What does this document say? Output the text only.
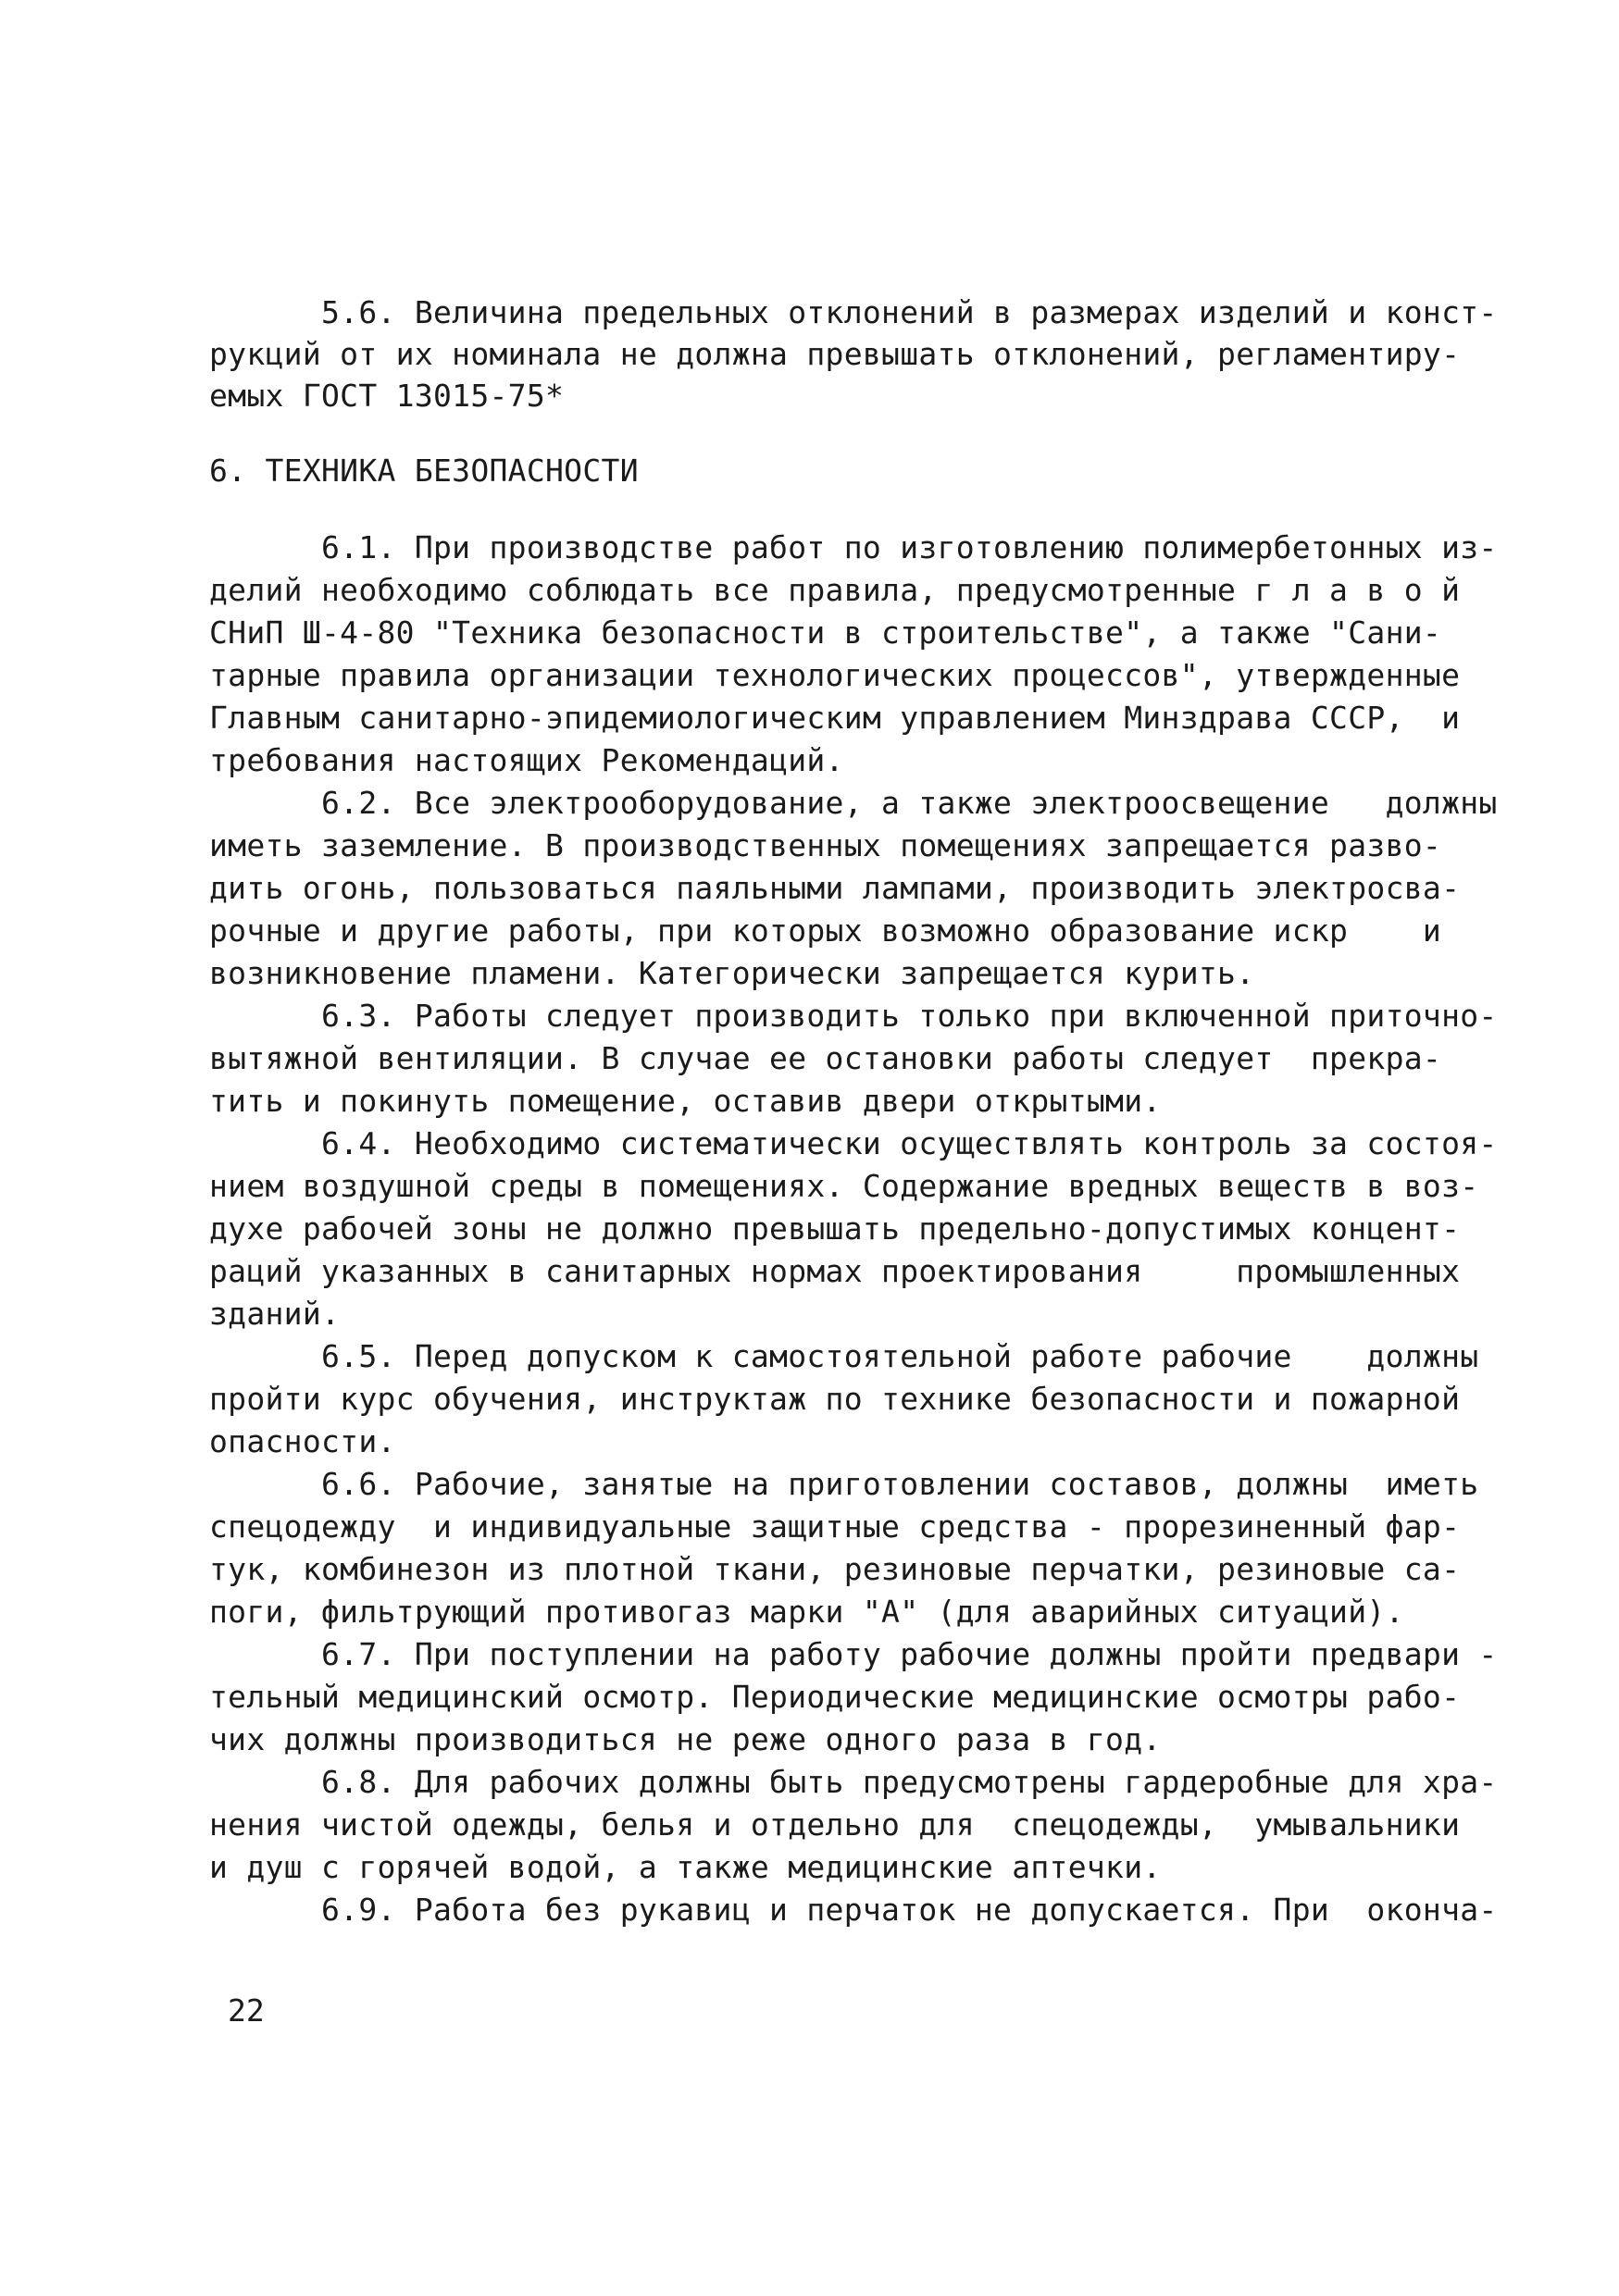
5.6. Величина предельных отклонений в размерах изделий и конст-
рукций от их номинала не должна превышать отклонений, регламентиру-
емых ГОСТ 13015-75*
6. ТЕХНИКА БЕЗОПАСНОСТИ
6.1. При производстве работ по изготовлению полимербетонных из-
делий необходимо соблюдать все правила, предусмотренные г л а в о й
СНиП Ш-4-80 "Техника безопасности в строительстве", а также "Сани-
тарные правила организации технологических процессов", утвержденные
Главным санитарно-эпидемиологическим управлением Минздрава СССР,  и
требования настоящих Рекомендаций.
6.2. Все электрооборудование, а также электроосвещение   должны
иметь заземление. В производственных помещениях запрещается разво-
дить огонь, пользоваться паяльными лампами, производить электросва-
рочные и другие работы, при которых возможно образование искр    и
возникновение пламени. Категорически запрещается курить.
6.3. Работы следует производить только при включенной приточно-
вытяжной вентиляции. В случае ее остановки работы следует  прекра-
тить и покинуть помещение, оставив двери открытыми.
6.4. Необходимо систематически осуществлять контроль за состоя-
нием воздушной среды в помещениях. Содержание вредных веществ в воз-
духе рабочей зоны не должно превышать предельно-допустимых концент-
раций указанных в санитарных нормах проектирования     промышленных
зданий.
6.5. Перед допуском к самостоятельной работе рабочие    должны
пройти курс обучения, инструктаж по технике безопасности и пожарной
опасности.
6.6. Рабочие, занятые на приготовлении составов, должны  иметь
спецодежду  и индивидуальные защитные средства - прорезиненный фар-
тук, комбинезон из плотной ткани, резиновые перчатки, резиновые са-
поги, фильтрующий противогаз марки "А" (для аварийных ситуаций).
6.7. При поступлении на работу рабочие должны пройти предвари -
тельный медицинский осмотр. Периодические медицинские осмотры рабо-
чих должны производиться не реже одного раза в год.
6.8. Для рабочих должны быть предусмотрены гардеробные для хра-
нения чистой одежды, белья и отдельно для  спецодежды,  умывальники
и душ с горячей водой, а также медицинские аптечки.
6.9. Работа без рукавиц и перчаток не допускается. При  оконча-
22
